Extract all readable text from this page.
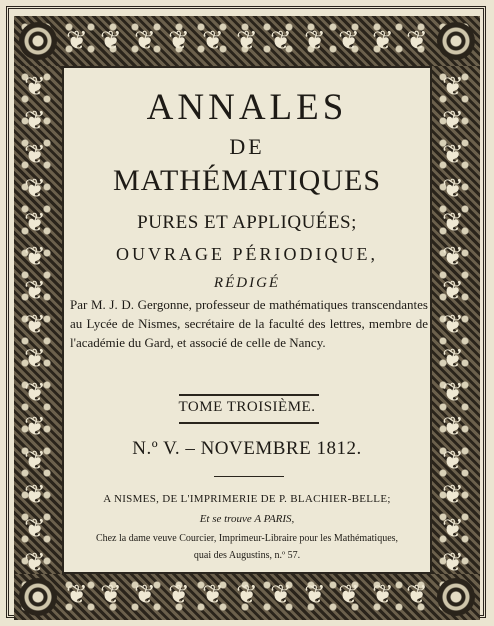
ANNALES
DE
MATHÉMATIQUES
PURES ET APPLIQUÉES;
OUVRAGE PÉRIODIQUE,
RÉDIGÉ
Par M. J. D. Gergonne, professeur de mathématiques transcendantes au Lycée de Nismes, secrétaire de la faculté des lettres, membre de l'académie du Gard, et associé de celle de Nancy.
TOME TROISIÈME.
N.º V. – NOVEMBRE 1812.
A NISMES, DE L'IMPRIMERIE DE P. BLACHIER-BELLE;
Et se trouve A PARIS,
Chez la dame veuve Courcier, Imprimeur-Libraire pour les Mathématiques,
quai des Augustins, n.º 57.
❦
❦
❦
❦
❦
❦
❦
❦
❦
❦
❦
❦
❦
❦
❦
❦
❦
❦
❦
❦
❦
❦
❦	❦
❦	❦
❦	❦
❦	❦
❦	❦
❦	❦
❦	❦
❦	❦
❦	❦
❦	❦
❦	❦
❦	❦
❦	❦
❦	❦
❦	❦
